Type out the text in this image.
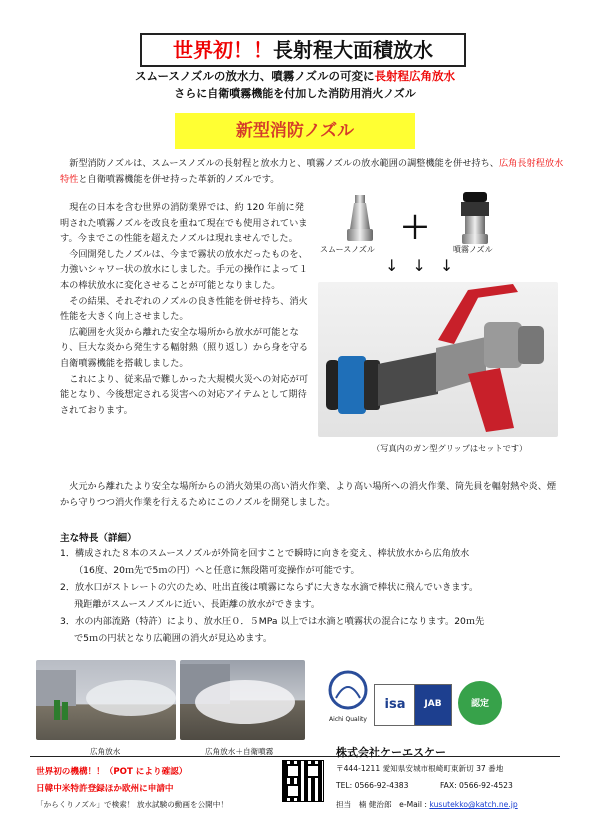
世界初！！長射程大面積放水
スムースノズルの放水力、噴霧ノズルの可変に長射程広角放水
さらに自衛噴霧機能を付加した消防用消火ノズル
新型消防ノズル
新型消防ノズルは、スムースノズルの長射程と放水力と、噴霧ノズルの放水範囲の調整機能を併せ持ち、広角長射程放水特性と自衛噴霧機能を併せ持った革新的ノズルです。

現在の日本を含む世界の消防業界では、約 120 年前に発明された噴霧ノズルを改良を重ねて現在でも使用されています。今までこの性能を超えたノズルは現れませんでした。

今回開発したノズルは、今まで霧状の放水だったものを、力強いシャワー状の放水にしました。手元の操作によって１本の棒状放水に変化させることが可能となりました。

その結果、それぞれのノズルの良き性能を併せ持ち、消火性能を大きく向上させました。

広範囲を火災から離れた安全な場所から放水が可能となり、巨大な炎から発生する輻射熱（照り返し）から身を守る自衛噴霧機能を搭載しました。

これにより、従来品で難しかった大規模火災への対応が可能となり、今後想定される災害への対応アイテムとして期待されております。

スムースノズル
＋
噴霧ノズル
↓↓↓
（写真内のガン型グリップはセットです）

火元から離れたより安全な場所からの消火効果の高い消火作業、より高い場所への消火作業、筒先員を輻射熱や炎、煙から守りつつ消火作業を行えるためにこのノズルを開発しました。

主な特長（詳細）

1．構成された８本のスムースノズルが外筒を回すことで瞬時に向きを変え、棒状放水から広角放水

（16度、20ｍ先で5ｍの円）へと任意に無段階可変操作が可能です。

2．放水口がストレートの穴のため、吐出直後は噴霧にならずに大きな水滴で棒状に飛んでいきます。

飛距離がスムースノズルに近い、長距離の放水ができます。

3．水の内部流路（特許）により、放水圧０．５MPa 以上では水滴と噴霧状の混合になります。20ｍ先

で5ｍの円状となり広範囲の消火が見込めます。

広角放水	広角放水＋自衛噴霧
Aichi Quality
isa	JAB	認定
世界初の機構！！（POT により確認）
日韓中米特許登録ほか欧州に申請中
「からくりノズル」で検索！ 放水試験の動画を公開中！
株式会社ケーエスケー
〒444-1211 愛知県安城市根崎町東新切 37 番地
TEL: 0566-92-4383	FAX: 0566-92-4523
担当　楠 健治郎　e-Mail : kusutekko@katch.ne.jp
